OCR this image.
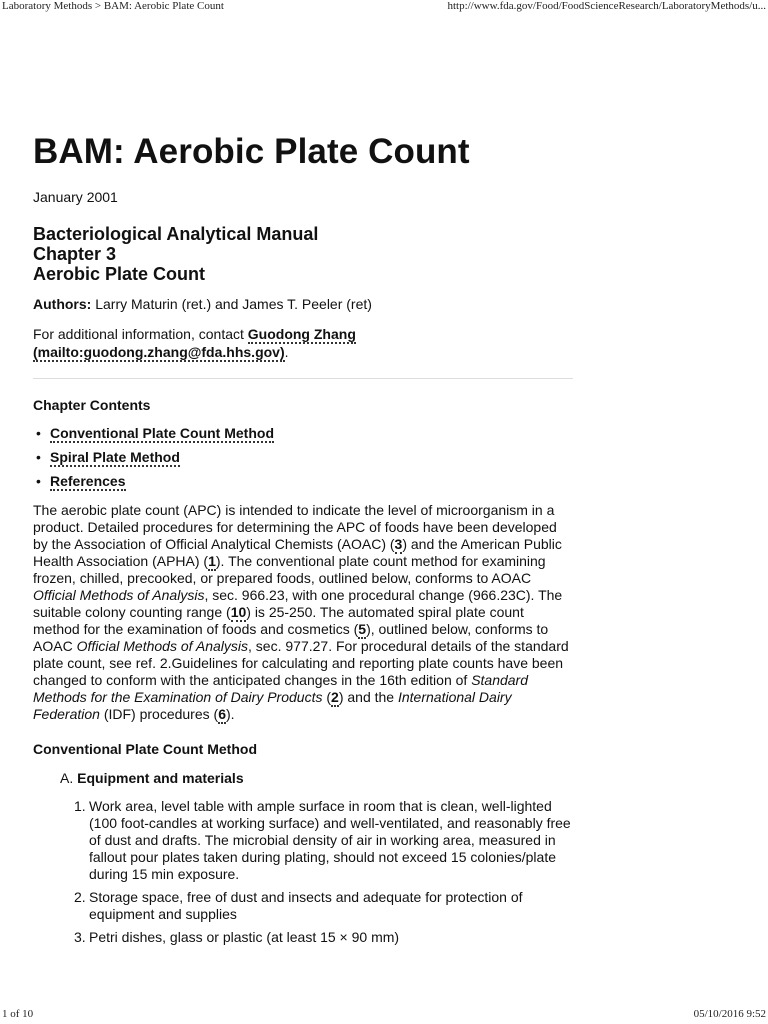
Laboratory Methods > BAM: Aerobic Plate Count	http://www.fda.gov/Food/FoodScienceResearch/LaboratoryMethods/u...
BAM: Aerobic Plate Count
January 2001
Bacteriological Analytical Manual
Chapter 3
Aerobic Plate Count
Authors: Larry Maturin (ret.) and James T. Peeler (ret)
For additional information, contact Guodong Zhang (mailto:guodong.zhang@fda.hhs.gov).
Chapter Contents
• Conventional Plate Count Method
• Spiral Plate Method
• References
The aerobic plate count (APC) is intended to indicate the level of microorganism in a product. Detailed procedures for determining the APC of foods have been developed by the Association of Official Analytical Chemists (AOAC) (3) and the American Public Health Association (APHA) (1). The conventional plate count method for examining frozen, chilled, precooked, or prepared foods, outlined below, conforms to AOAC Official Methods of Analysis, sec. 966.23, with one procedural change (966.23C). The suitable colony counting range (10) is 25-250. The automated spiral plate count method for the examination of foods and cosmetics (5), outlined below, conforms to AOAC Official Methods of Analysis, sec. 977.27. For procedural details of the standard plate count, see ref. 2.Guidelines for calculating and reporting plate counts have been changed to conform with the anticipated changes in the 16th edition of Standard Methods for the Examination of Dairy Products (2) and the International Dairy Federation (IDF) procedures (6).
Conventional Plate Count Method
A. Equipment and materials
1. Work area, level table with ample surface in room that is clean, well-lighted (100 foot-candles at working surface) and well-ventilated, and reasonably free of dust and drafts. The microbial density of air in working area, measured in fallout pour plates taken during plating, should not exceed 15 colonies/plate during 15 min exposure.
2. Storage space, free of dust and insects and adequate for protection of equipment and supplies
3. Petri dishes, glass or plastic (at least 15 × 90 mm)
1 of 10	05/10/2016 9:52
